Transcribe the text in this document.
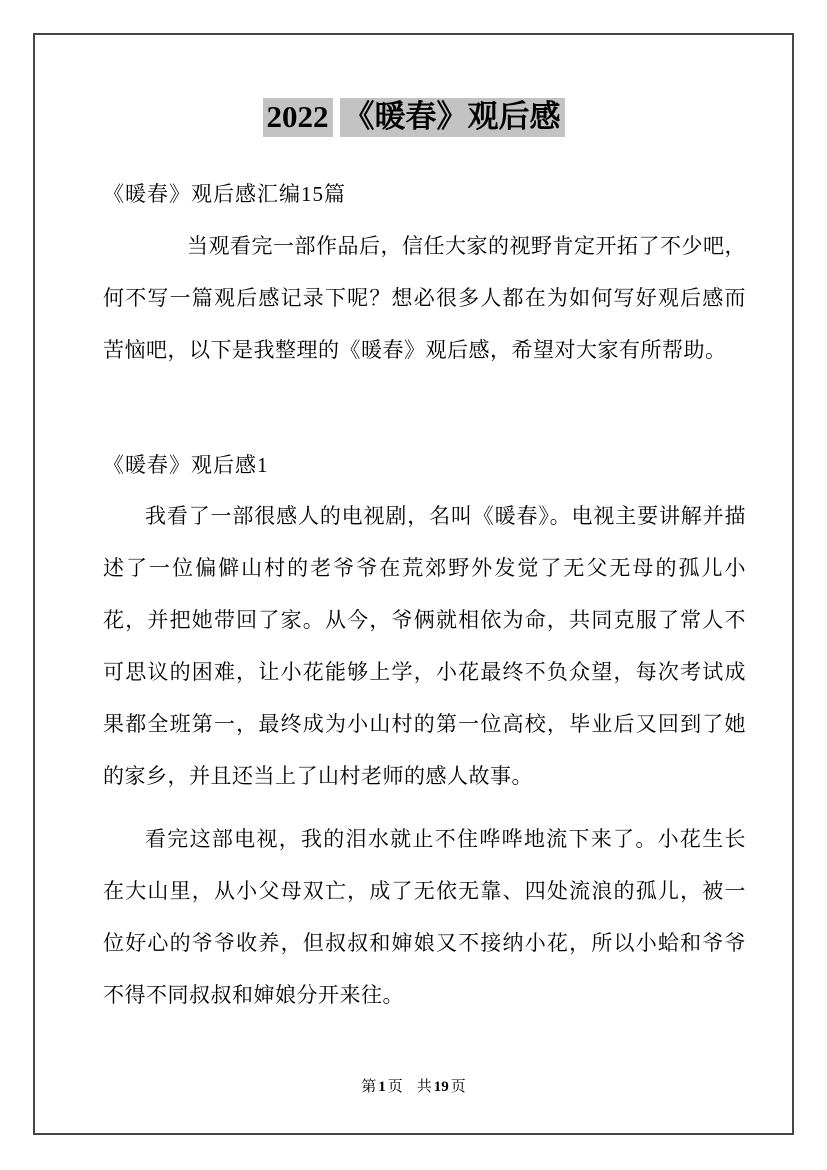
2022 《暖春》观后感
《暖春》观后感汇编15篇

当观看完一部作品后，信任大家的视野肯定开拓了不少吧，何不写一篇观后感记录下呢？想必很多人都在为如何写好观后感而苦恼吧，以下是我整理的《暖春》观后感，希望对大家有所帮助。

《暖春》观后感1

我看了一部很感人的电视剧，名叫《暖春》。电视主要讲解并描述了一位偏僻山村的老爷爷在荒郊野外发觉了无父无母的孤儿小花，并把她带回了家。从今，爷俩就相依为命，共同克服了常人不可思议的困难，让小花能够上学，小花最终不负众望，每次考试成果都全班第一，最终成为小山村的第一位高校，毕业后又回到了她的家乡，并且还当上了山村老师的感人故事。

看完这部电视，我的泪水就止不住哗哗地流下来了。小花生长在大山里，从小父母双亡，成了无依无靠、四处流浪的孤儿，被一位好心的爷爷收养，但叔叔和婶娘又不接纳小花，所以小蛤和爷爷不得不同叔叔和婶娘分开来往。

第 1 页 共 19 页
